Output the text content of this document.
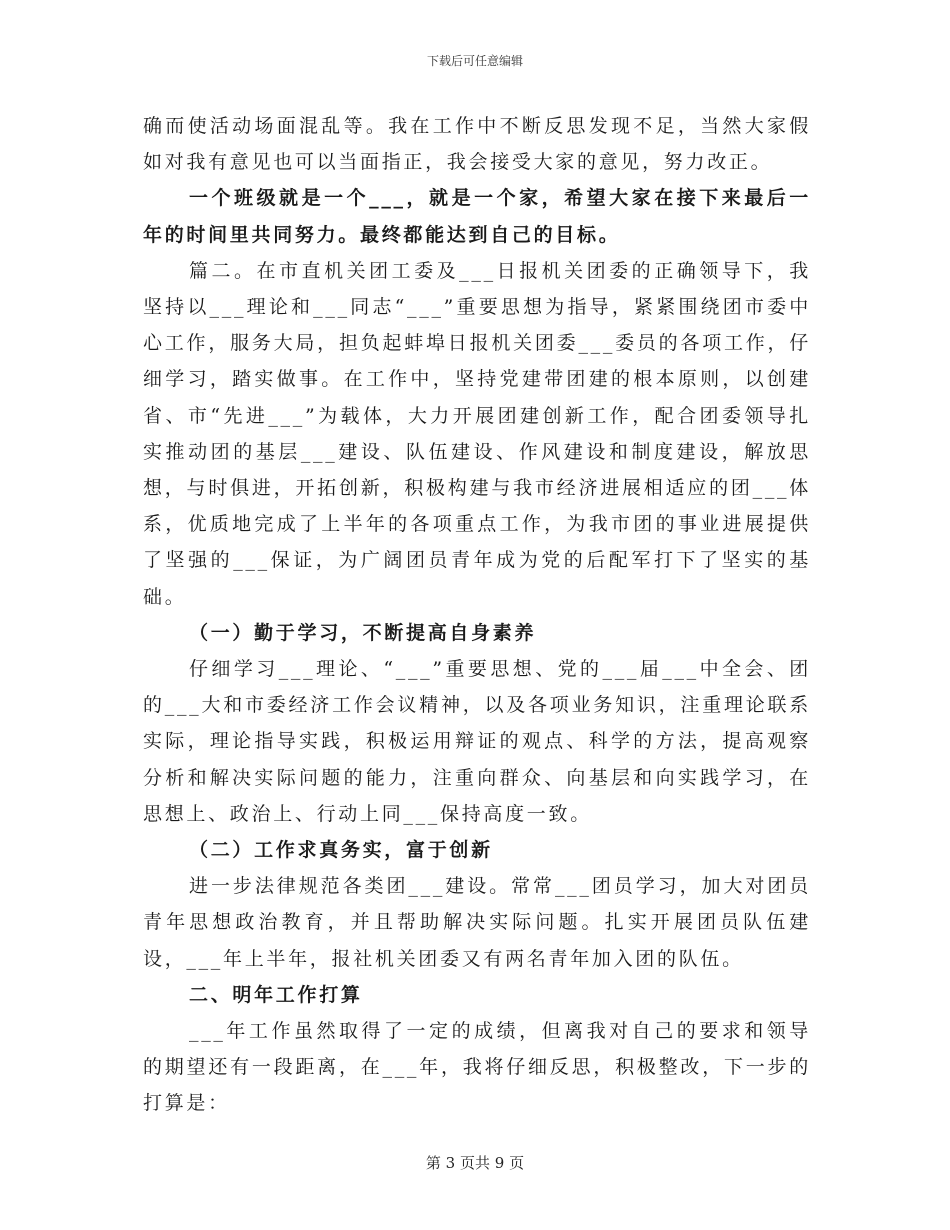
下载后可任意编辑

确而使活动场面混乱等。我在工作中不断反思发现不足，当然大家假如对我有意见也可以当面指正，我会接受大家的意见，努力改正。

一个班级就是一个___，就是一个家，希望大家在接下来最后一年的时间里共同努力。最终都能达到自己的目标。

篇二。在市直机关团工委及___日报机关团委的正确领导下，我坚持以___理论和___同志“___”重要思想为指导，紧紧围绕团市委中心工作，服务大局，担负起蚌埠日报机关团委___委员的各项工作，仔细学习，踏实做事。在工作中，坚持党建带团建的根本原则，以创建省、市“先进___”为载体，大力开展团建创新工作，配合团委领导扎实推动团的基层___建设、队伍建设、作风建设和制度建设，解放思想，与时俱进，开拓创新，积极构建与我市经济进展相适应的团___体系，优质地完成了上半年的各项重点工作，为我市团的事业进展提供了坚强的___保证，为广阔团员青年成为党的后配军打下了坚实的基础。

（一）勤于学习，不断提高自身素养

仔细学习___理论、“___”重要思想、党的___届___中全会、团的___大和市委经济工作会议精神，以及各项业务知识，注重理论联系实际，理论指导实践，积极运用辩证的观点、科学的方法，提高观察分析和解决实际问题的能力，注重向群众、向基层和向实践学习，在思想上、政治上、行动上同___保持高度一致。

（二）工作求真务实，富于创新

进一步法律规范各类团___建设。常常___团员学习，加大对团员青年思想政治教育，并且帮助解决实际问题。扎实开展团员队伍建设，___年上半年，报社机关团委又有两名青年加入团的队伍。

二、明年工作打算

___年工作虽然取得了一定的成绩，但离我对自己的要求和领导的期望还有一段距离，在___年，我将仔细反思，积极整改，下一步的打算是：

第 3 页共 9 页
